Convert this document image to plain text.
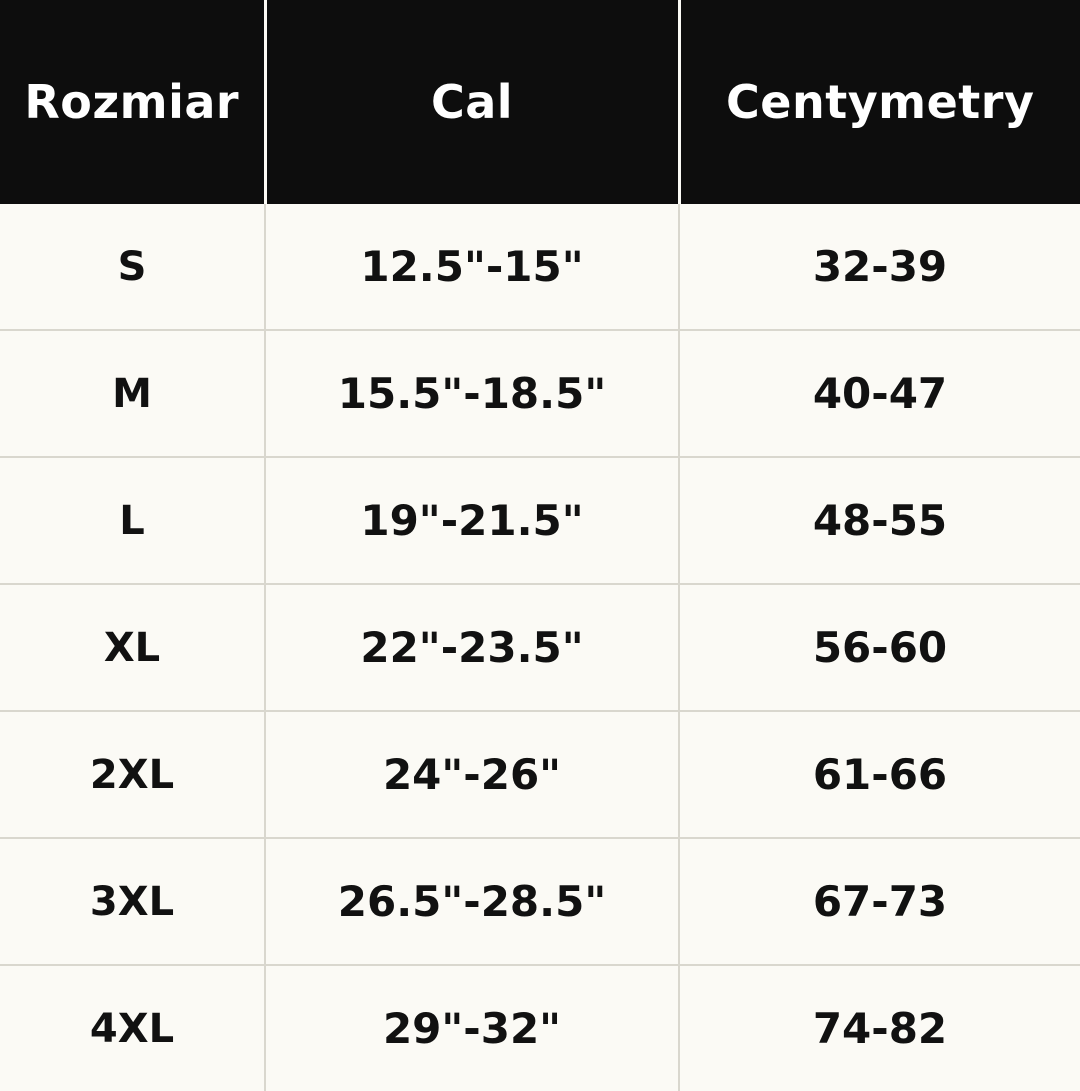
Rozmiar	Cal	Centymetry
S	12.5"-15"	32-39
M	15.5"-18.5"	40-47
L	19"-21.5"	48-55
XL	22"-23.5"	56-60
2XL	24"-26"	61-66
3XL	26.5"-28.5"	67-73
4XL	29"-32"	74-82
